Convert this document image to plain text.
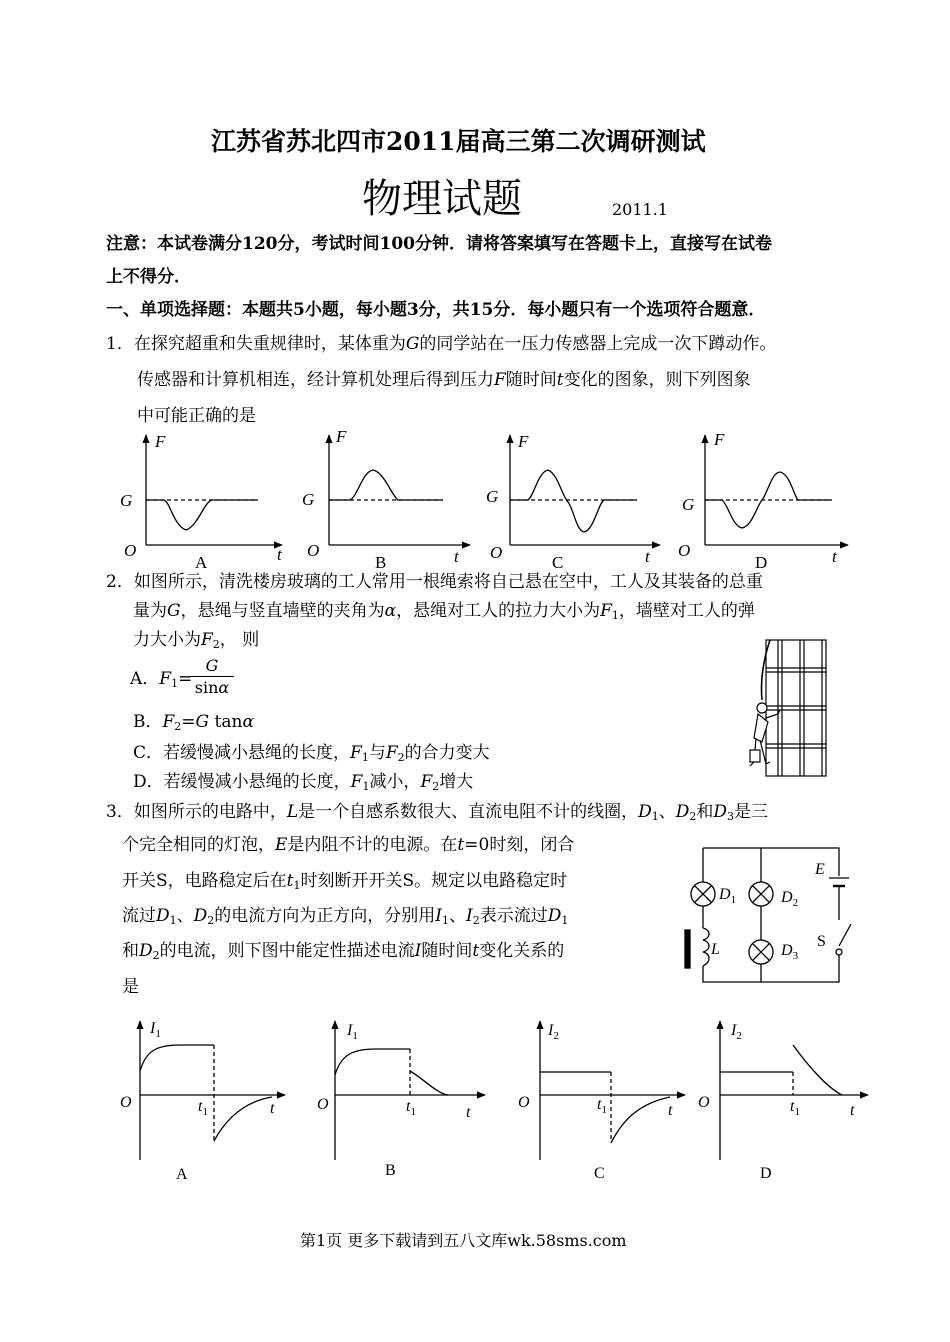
江苏省苏北四市2011届高三第二次调研测试
物理试题	2011.1
注意：本试卷满分120分，考试时间100分钟．请将答案填写在答题卡上，直接写在试卷
上不得分．
一、单项选择题：本题共5小题，每小题3分，共15分．每小题只有一个选项符合题意．
1．在探究超重和失重规律时，某体重为G的同学站在一压力传感器上完成一次下蹲动作。
传感器和计算机相连，经计算机处理后得到压力F随时间t变化的图象，则下列图象
中可能正确的是
F
G
O	t
A
F
G
O	t
B
F
G
O	t
C
F
G
O	t
D
2．如图所示，清洗楼房玻璃的工人常用一根绳索将自己悬在空中，工人及其装备的总重
量为G，悬绳与竖直墙壁的夹角为α，悬绳对工人的拉力大小为$F_1$，墙壁对工人的弹
力大小为$F_2$， 则
A．$F_1=$
G
sinα
B．$F_2=G$ tanα
C．若缓慢减小悬绳的长度，$F_1$与$F_2$的合力变大
D．若缓慢减小悬绳的长度，$F_1$减小，$F_2$增大
3．如图所示的电路中，L是一个自感系数很大、直流电阻不计的线圈，$D_1$、$D_2$和$D_3$是三
个完全相同的灯泡，E是内阻不计的电源。在t=0时刻，闭合
开关S，电路稳定后在$t_1$时刻断开开关S。规定以电路稳定时
流过$D_1$、$D_2$的电流方向为正方向，分别用$I_1$、$I_2$表示流过$D_1$
和$D_2$的电流，则下图中能定性描述电流I随时间t变化关系的
是
$D_1$	$D_2$
$D_3$
L
E
S
$I_1$
O	$t_1$	t
A
$I_1$
O	$t_1$	t
B
$I_2$
O	$t_1$	t
C
$I_2$
O	$t_1$	t
D
第1页 更多下载请到五八文库wk.58sms.com
